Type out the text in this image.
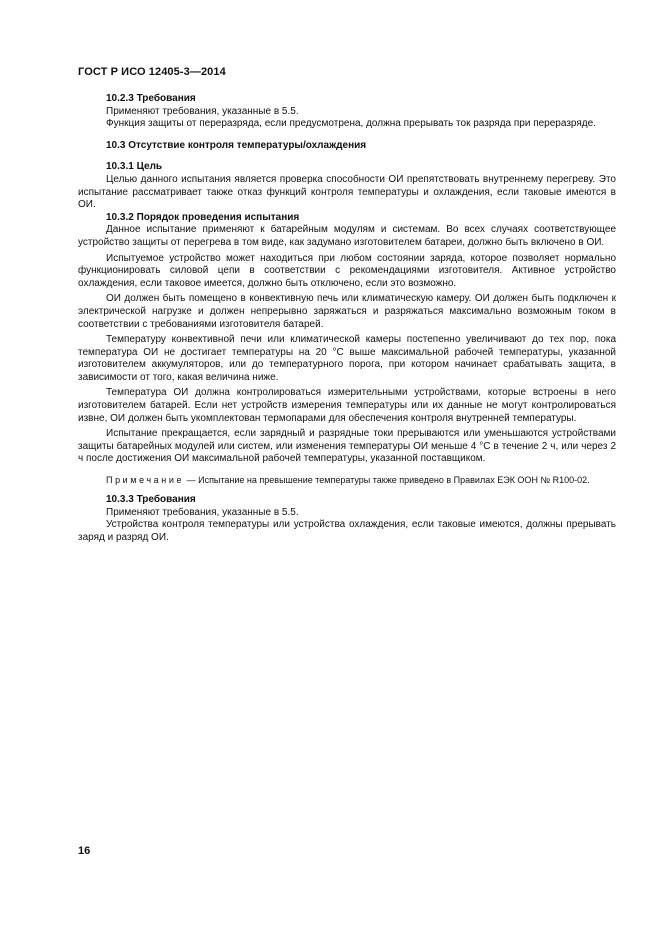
ГОСТ Р ИСО 12405-3—2014
10.2.3 Требования

Применяют требования, указанные в 5.5.

Функция защиты от переразряда, если предусмотрена, должна прерывать ток разряда при переразряде.

10.3 Отсутствие контроля температуры/охлаждения
10.3.1 Цель

Целью данного испытания является проверка способности ОИ препятствовать внутреннему перегреву. Это испытание рассматривает также отказ функций контроля температуры и охлаждения, если таковые имеются в ОИ.

10.3.2 Порядок проведения испытания

Данное испытание применяют к батарейным модулям и системам. Во всех случаях соответствующее устройство защиты от перегрева в том виде, как задумано изготовителем батареи, должно быть включено в ОИ.

Испытуемое устройство может находиться при любом состоянии заряда, которое позволяет нормально функционировать силовой цепи в соответствии с рекомендациями изготовителя. Активное устройство охлаждения, если таковое имеется, должно быть отключено, если это возможно.

ОИ должен быть помещено в конвективную печь или климатическую камеру. ОИ должен быть подключен к электрической нагрузке и должен непрерывно заряжаться и разряжаться максимально возможным током в соответствии с требованиями изготовителя батарей.

Температуру конвективной печи или климатической камеры постепенно увеличивают до тех пор, пока температура ОИ не достигает температуры на 20 °С выше максимальной рабочей температуры, указанной изготовителем аккумуляторов, или до температурного порога, при котором начинает срабатывать защита, в зависимости от того, какая величина ниже.

Температура ОИ должна контролироваться измерительными устройствами, которые встроены в него изготовителем батарей. Если нет устройств измерения температуры или их данные не могут контролироваться извне, ОИ должен быть укомплектован термопарами для обеспечения контроля внутренней температуры.

Испытание прекращается, если зарядный и разрядные токи прерываются или уменьшаются устройствами защиты батарейных модулей или систем, или изменения температуры ОИ меньше 4 °С в течение 2 ч, или через 2 ч после достижения ОИ максимальной рабочей температуры, указанной поставщиком.

Примечание — Испытание на превышение температуры также приведено в Правилах ЕЭК ООН № R100-02.

10.3.3 Требования

Применяют требования, указанные в 5.5.

Устройства контроля температуры или устройства охлаждения, если таковые имеются, должны прерывать заряд и разряд ОИ.

16
